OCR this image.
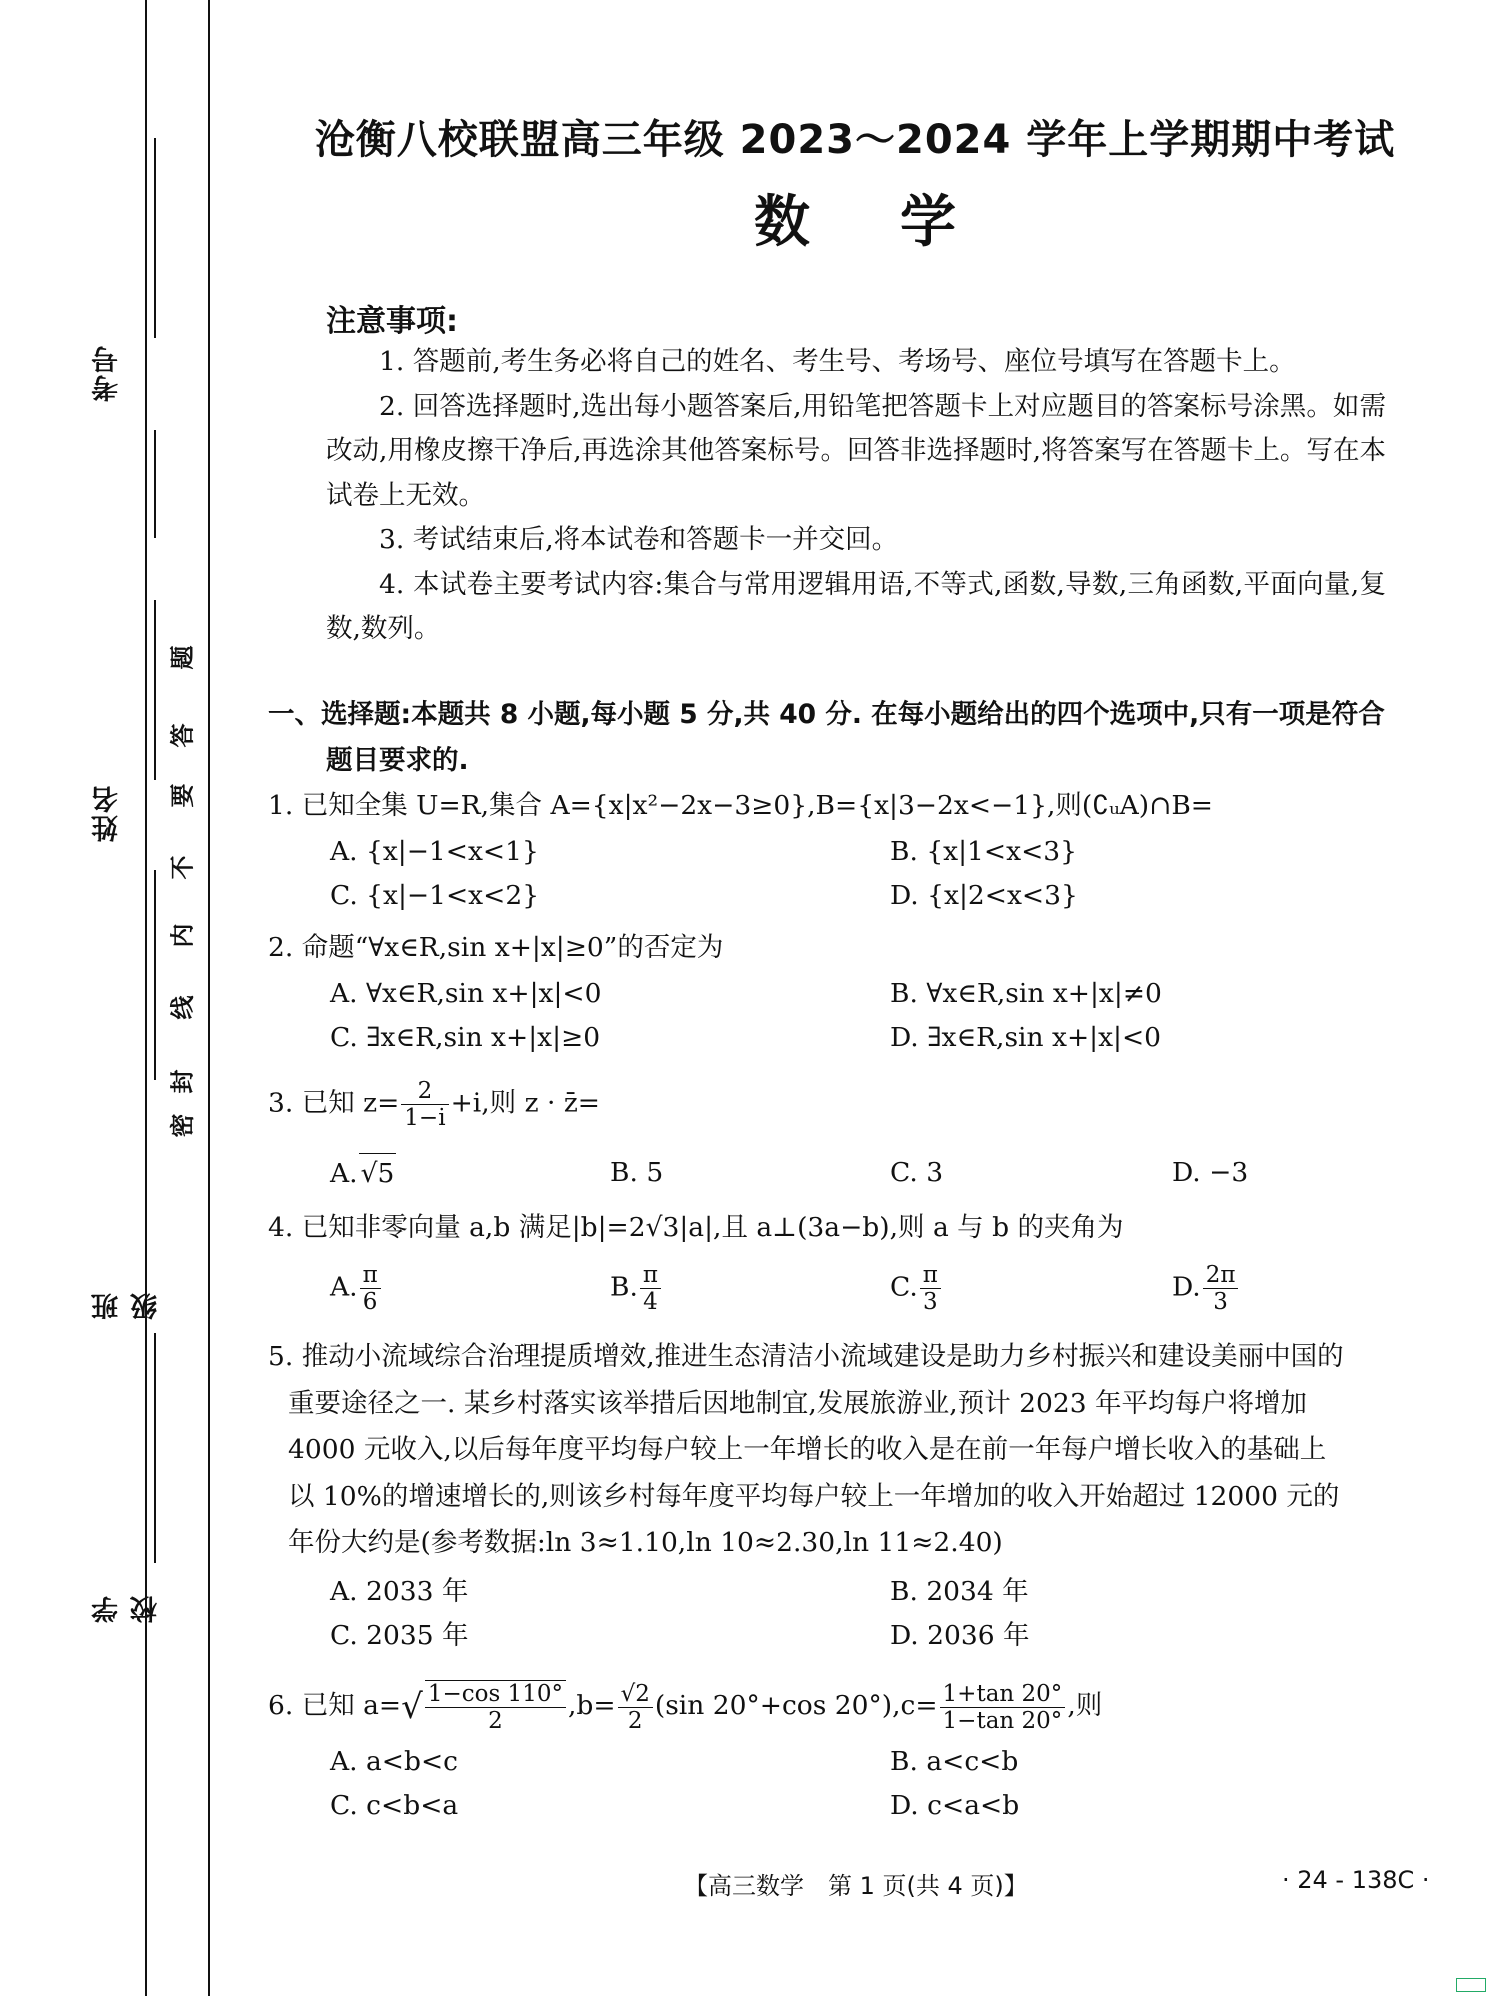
考号
姓名
班级
学校
题
答
要
不
内
线
封
密
沧衡八校联盟高三年级 2023～2024 学年上学期期中考试
数学
注意事项:

1. 答题前,考生务必将自己的姓名、考生号、考场号、座位号填写在答题卡上。

2. 回答选择题时,选出每小题答案后,用铅笔把答题卡上对应题目的答案标号涂黑。如需改动,用橡皮擦干净后,再选涂其他答案标号。回答非选择题时,将答案写在答题卡上。写在本试卷上无效。

3. 考试结束后,将本试卷和答题卡一并交回。

4. 本试卷主要考试内容:集合与常用逻辑用语,不等式,函数,导数,三角函数,平面向量,复数,数列。

一、选择题:本题共 8 小题,每小题 5 分,共 40 分. 在每小题给出的四个选项中,只有一项是符合
题目要求的.
1. 已知全集 U=R,集合 A={x|x²−2x−3≥0},B={x|3−2x<−1},则(∁ᵤA)∩B=
A. {x|−1<x<1}	B. {x|1<x<3}
C. {x|−1<x<2}	D. {x|2<x<3}
2. 命题“∀x∈R,sin x+|x|≥0”的否定为
A. ∀x∈R,sin x+|x|<0	B. ∀x∈R,sin x+|x|≠0
C. ∃x∈R,sin x+|x|≥0	D. ∃x∈R,sin x+|x|<0
3. 已知 $z= \frac{2}{1-i} +i$,则 z · z̄=
A. √5	B. 5	C. 3	D. −3
4. 已知非零向量 a,b 满足|b|=2√3|a|,且 a⊥(3a−b),则 a 与 b 的夹角为
A. $\frac{\pi}{6}$	B. $\frac{\pi}{4}$	C. $\frac{\pi}{3}$	D. $\frac{2\pi}{3}$
5. 推动小流域综合治理提质增效,推进生态清洁小流域建设是助力乡村振兴和建设美丽中国的
重要途径之一. 某乡村落实该举措后因地制宜,发展旅游业,预计 2023 年平均每户将增加
4000 元收入,以后每年度平均每户较上一年增长的收入是在前一年每户增长收入的基础上
以 10%的增速增长的,则该乡村每年度平均每户较上一年增加的收入开始超过 12000 元的
年份大约是(参考数据:ln 3≈1.10,ln 10≈2.30,ln 11≈2.40)
A. 2033 年	B. 2034 年
C. 2035 年	D. 2036 年
6. 已知 $a=√ \frac{1-\cos 110^\circ}{2} ,b= \frac{√2}{2} (\sin$ 20°+cos $20^\circ),c= \frac{1+\tan 20^\circ}{1-\tan 20^\circ}$ ,则
A. a<b<c	B. a<c<b
C. c<b<a	D. c<a<b
【高三数学　第 1 页(共 4 页)】	· 24 - 138C ·
